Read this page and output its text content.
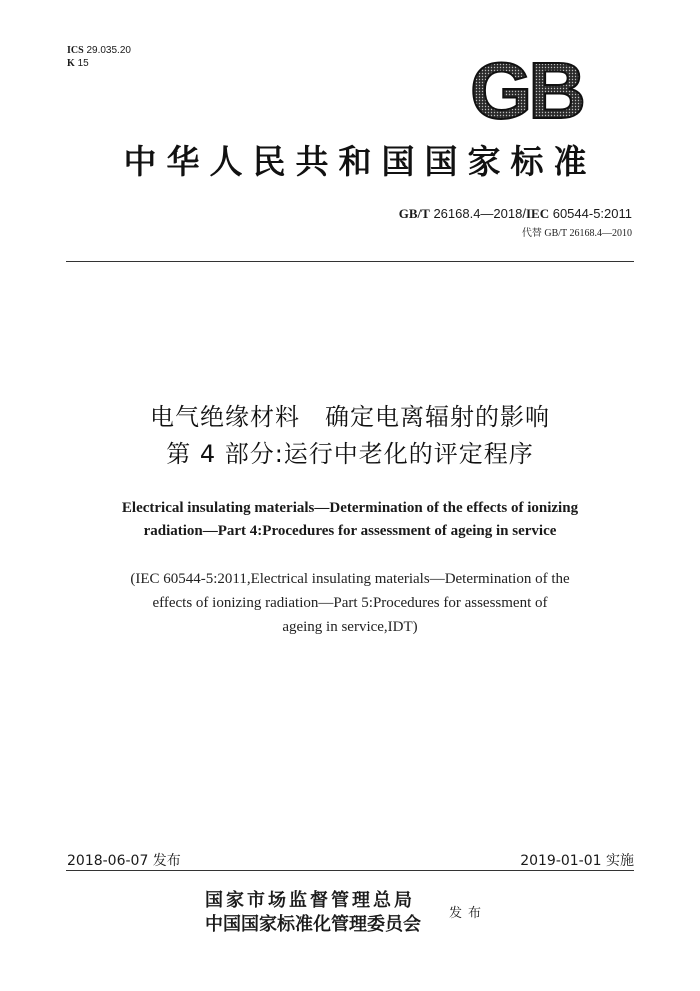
ICS 29.035.20
K 15	GB
中华人民共和国国家标准
GB/T 26168.4—2018/IEC 60544-5:2011
代替 GB/T 26168.4—2010
电气绝缘材料　确定电离辐射的影响
第 4 部分:运行中老化的评定程序
Electrical insulating materials—Determination of the effects of ionizing
radiation—Part 4:Procedures for assessment of ageing in service
(IEC 60544-5:2011,Electrical insulating materials—Determination of the
effects of ionizing radiation—Part 5:Procedures for assessment of
ageing in service,IDT)
2018-06-07 发布	2019-01-01 实施
国家市场监督管理总局
中国国家标准化管理委员会
发布
